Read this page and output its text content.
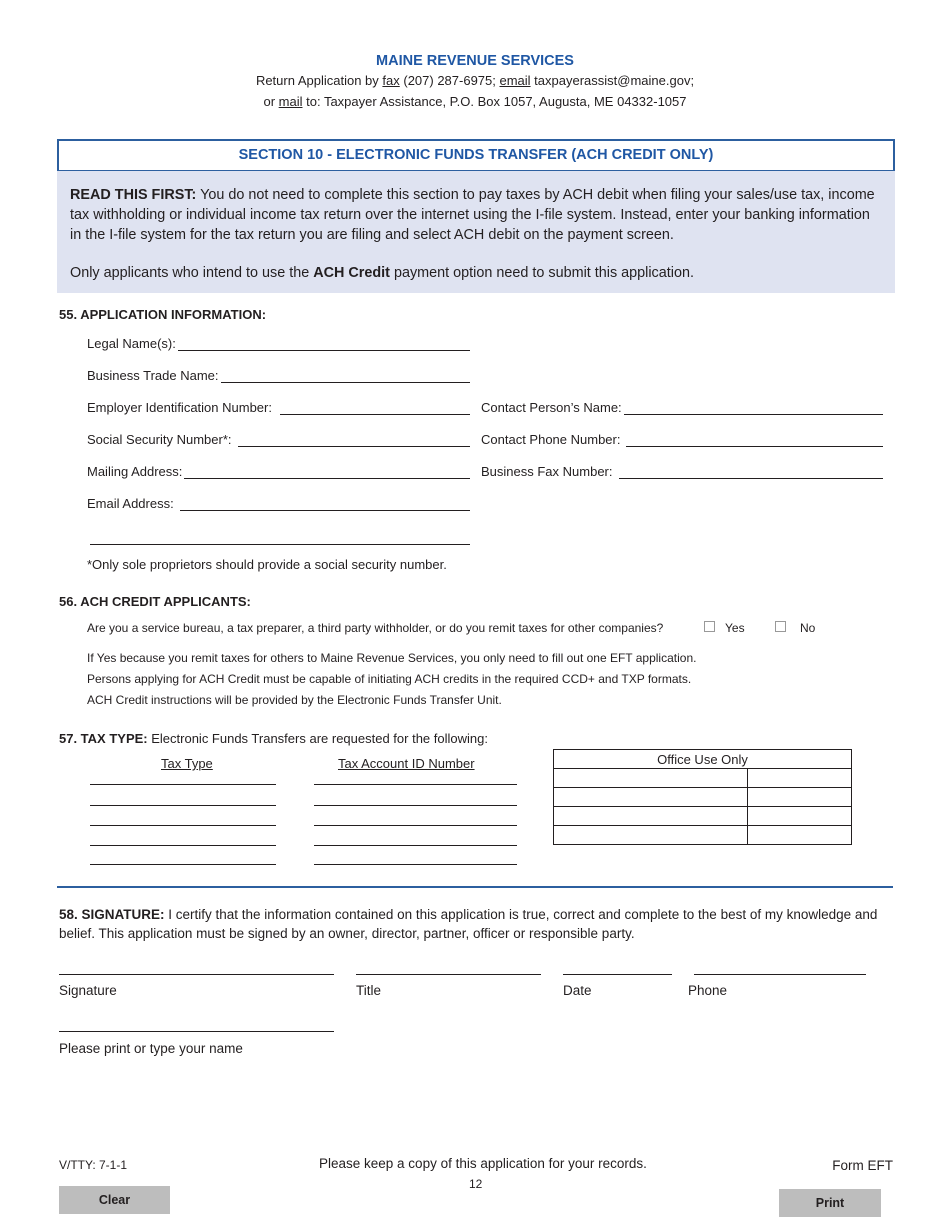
MAINE REVENUE SERVICES
Return Application by fax (207) 287-6975; email taxpayerassist@maine.gov;
or mail to: Taxpayer Assistance, P.O. Box 1057, Augusta, ME 04332-1057
SECTION 10 - ELECTRONIC FUNDS TRANSFER (ACH CREDIT ONLY)

READ THIS FIRST: You do not need to complete this section to pay taxes by ACH debit when filing your sales/use tax, income tax withholding or individual income tax return over the internet using the I-file system. Instead, enter your banking information in the I-file system for the tax return you are filing and select ACH debit on the payment screen.

Only applicants who intend to use the ACH Credit payment option need to submit this application.

55. APPLICATION INFORMATION:
Legal Name(s):
Business Trade Name:
Employer Identification Number:
Social Security Number*:
Mailing Address:
Email Address:
Contact Person’s Name:
Contact Phone Number:
Business Fax Number:
*Only sole proprietors should provide a social security number.
56. ACH CREDIT APPLICANTS:
Are you a service bureau, a tax preparer, a third party withholder, or do you remit taxes for other companies?	Yes	No
If Yes because you remit taxes for others to Maine Revenue Services, you only need to fill out one EFT application.
Persons applying for ACH Credit must be capable of initiating ACH credits in the required CCD+ and TXP formats.
ACH Credit instructions will be provided by the Electronic Funds Transfer Unit.
57. TAX TYPE: Electronic Funds Transfers are requested for the following:
Tax Type	Tax Account ID Number	Office Use Only	

58. SIGNATURE: I certify that the information contained on this application is true, correct and complete to the best of my knowledge and belief. This application must be signed by an owner, director, partner, officer or responsible party.
Signature	Title	Date	Phone
Please print or type your name
V/TTY: 7-1-1	Please keep a copy of this application for your records.	Form EFT
12
Clear	Print
